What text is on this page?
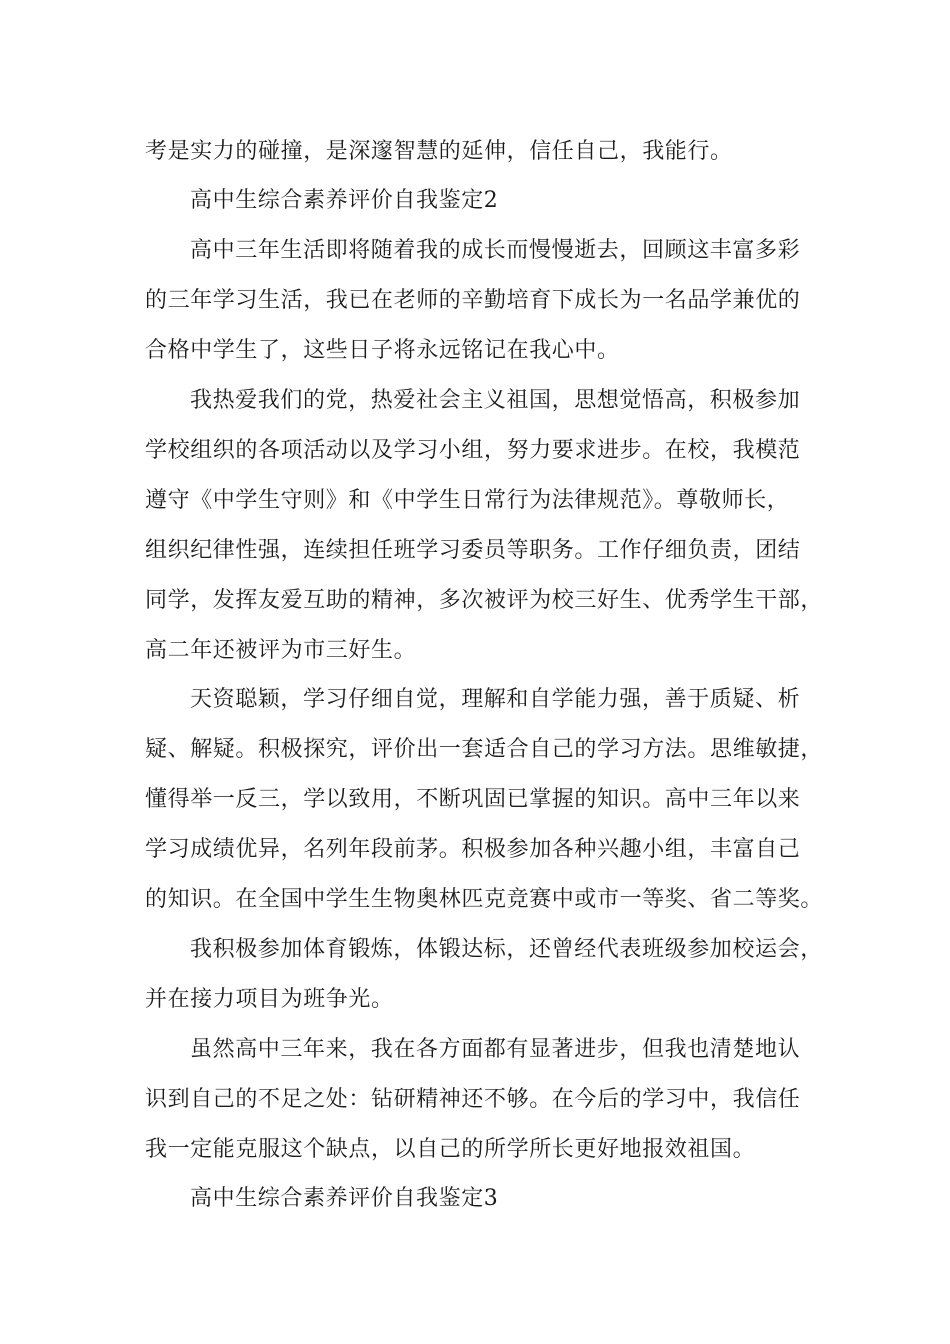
考是实力的碰撞，是深邃智慧的延伸，信任自己，我能行。
高中生综合素养评价自我鉴定2
高中三年生活即将随着我的成长而慢慢逝去，回顾这丰富多彩
的三年学习生活，我已在老师的辛勤培育下成长为一名品学兼优的
合格中学生了，这些日子将永远铭记在我心中。
我热爱我们的党，热爱社会主义祖国，思想觉悟高，积极参加
学校组织的各项活动以及学习小组，努力要求进步。在校，我模范
遵守《中学生守则》和《中学生日常行为法律规范》。尊敬师长，
组织纪律性强，连续担任班学习委员等职务。工作仔细负责，团结
同学，发挥友爱互助的精神，多次被评为校三好生、优秀学生干部，
高二年还被评为市三好生。
天资聪颖，学习仔细自觉，理解和自学能力强，善于质疑、析
疑、解疑。积极探究，评价出一套适合自己的学习方法。思维敏捷，
懂得举一反三，学以致用，不断巩固已掌握的知识。高中三年以来
学习成绩优异，名列年段前茅。积极参加各种兴趣小组，丰富自己
的知识。在全国中学生生物奥林匹克竞赛中或市一等奖、省二等奖。
我积极参加体育锻炼，体锻达标，还曾经代表班级参加校运会，
并在接力项目为班争光。
虽然高中三年来，我在各方面都有显著进步，但我也清楚地认
识到自己的不足之处：钻研精神还不够。在今后的学习中，我信任
我一定能克服这个缺点，以自己的所学所长更好地报效祖国。
高中生综合素养评价自我鉴定3
